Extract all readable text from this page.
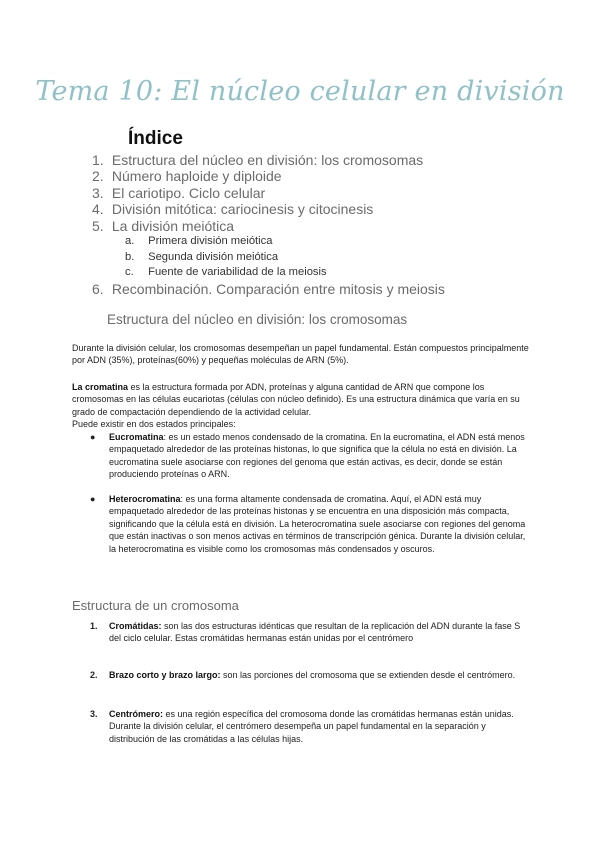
Tema 10: El núcleo celular en división
Índice
1. Estructura del núcleo en división: los cromosomas
2. Número haploide y diploide
3. El cariotipo. Ciclo celular
4. División mitótica: cariocinesis y citocinesis
5. La división meiótica
a. Primera división meiótica
b. Segunda división meiótica
c. Fuente de variabilidad de la meiosis
6. Recombinación. Comparación entre mitosis y meiosis
Estructura del núcleo en división: los cromosomas

Durante la división celular, los cromosomas desempeñan un papel fundamental. Están compuestos principalmente por ADN (35%), proteínas(60%) y pequeñas moléculas de ARN (5%).

La cromatina es la estructura formada por ADN, proteínas y alguna cantidad de ARN que compone los cromosomas en las células eucariotas (células con núcleo definido). Es una estructura dinámica que varía en su grado de compactación dependiendo de la actividad celular.

Puede existir en dos estados principales:

● Eucromatina: es un estado menos condensado de la cromatina. En la eucromatina, el ADN está menos empaquetado alrededor de las proteínas histonas, lo que significa que la célula no está en división. La eucromatina suele asociarse con regiones del genoma que están activas, es decir, donde se están produciendo proteínas o ARN.
● Heterocromatina: es una forma altamente condensada de cromatina. Aquí, el ADN está muy empaquetado alrededor de las proteínas histonas y se encuentra en una disposición más compacta, significando que la célula está en división. La heterocromatina suele asociarse con regiones del genoma que están inactivas o son menos activas en términos de transcripción génica. Durante la división celular, la heterocromatina es visible como los cromosomas más condensados y oscuros.
Estructura de un cromosoma
1. Cromátidas: son las dos estructuras idénticas que resultan de la replicación del ADN durante la fase S del ciclo celular. Estas cromátidas hermanas están unidas por el centrómero
2. Brazo corto y brazo largo: son las porciones del cromosoma que se extienden desde el centrómero.
3. Centrómero: es una región específica del cromosoma donde las cromátidas hermanas están unidas. Durante la división celular, el centrómero desempeña un papel fundamental en la separación y distribución de las cromátidas a las células hijas.
